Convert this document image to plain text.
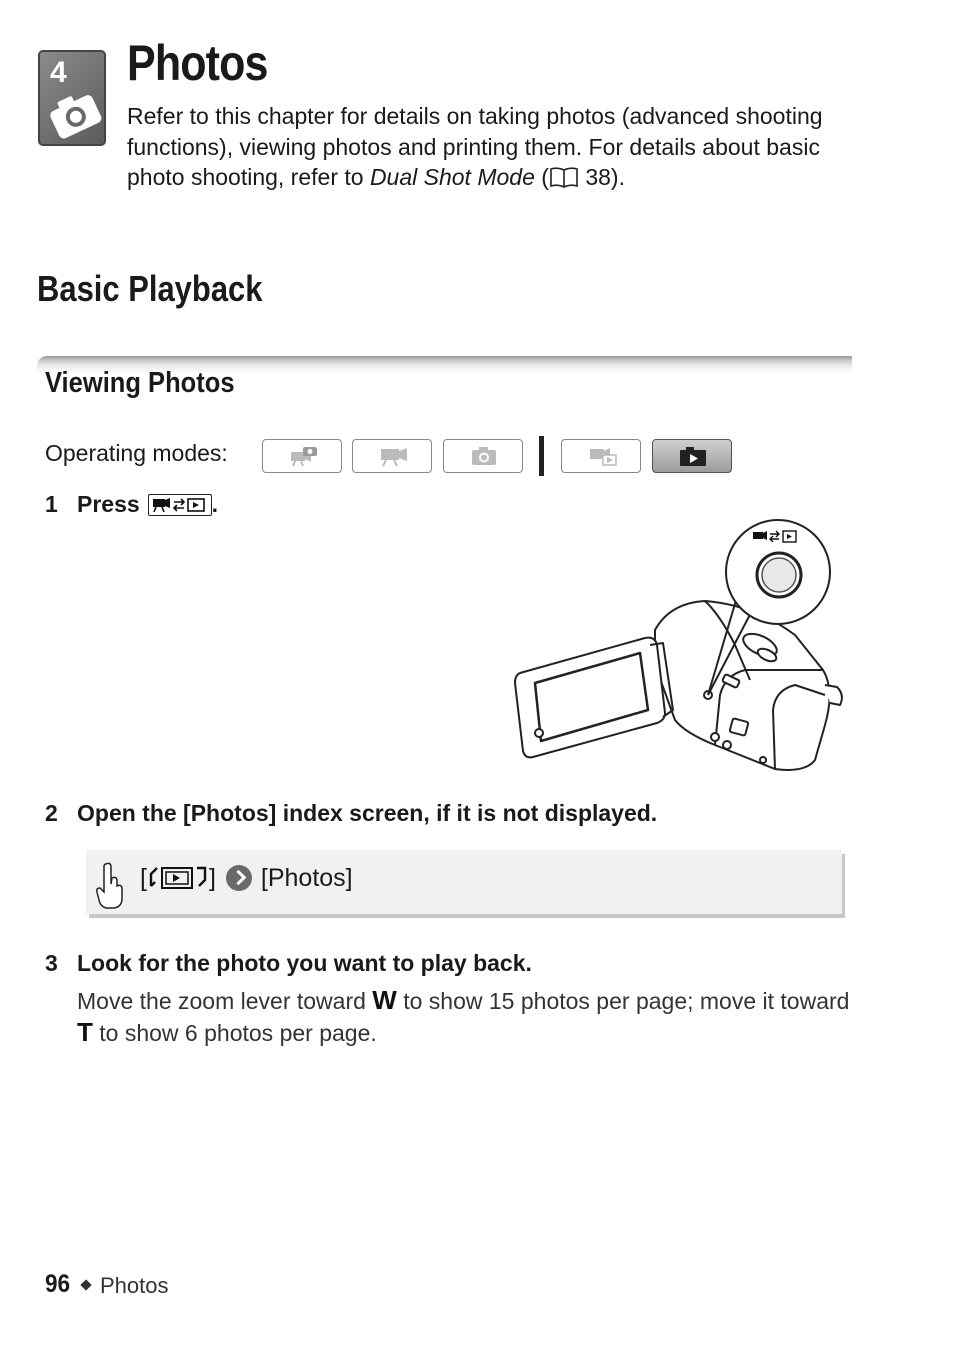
4 Photos
Refer to this chapter for details on taking photos (advanced shooting functions), viewing photos and printing them. For details about basic photo shooting, refer to Dual Shot Mode ( 38).
Basic Playback
Viewing Photos
Operating modes:
1 Press	.
2 Open the [Photos] index screen, if it is not displayed.
[ ] [Photos]
3 Look for the photo you want to play back.
Move the zoom lever toward W to show 15 photos per page; move it toward T to show 6 photos per page.
96 Photos
